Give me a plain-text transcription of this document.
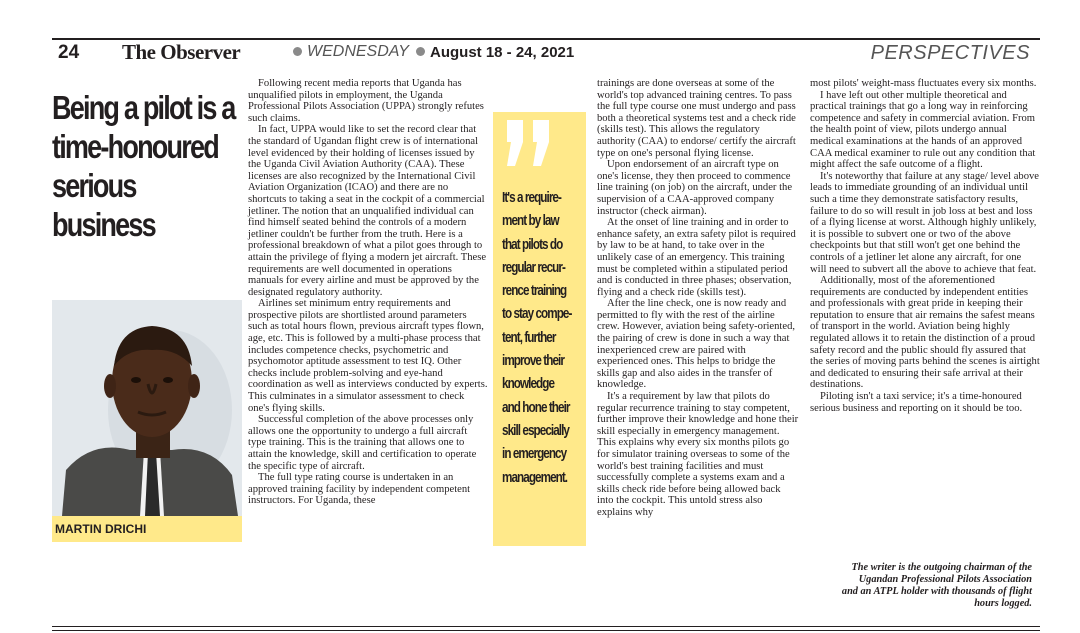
24 The Observer	WEDNESDAY August 18 - 24, 2021	PERSPECTIVES
Being a pilot is a
time-honoured
serious business
MARTIN DRICHI

Following recent media reports that Uganda has unqualified pilots in employment, the Uganda Professional Pilots Association (UPPA) strongly refutes such claims.

In fact, UPPA would like to set the record clear that the standard of Ugandan flight crew is of international level evidenced by their holding of licenses issued by the Uganda Civil Aviation Authority (CAA). These licenses are also recognized by the International Civil Aviation Organization (ICAO) and there are no shortcuts to taking a seat in the cockpit of a commercial jetliner. The notion that an unqualified individual can find himself seated behind the controls of a modern jetliner couldn't be further from the truth. Here is a professional breakdown of what a pilot goes through to attain the privilege of flying a modern jet aircraft. These requirements are well documented in operations manuals for every airline and must be approved by the designated regulatory authority.

Airlines set minimum entry requirements and prospective pilots are shortlisted around parameters such as total hours flown, previous aircraft types flown, age, etc. This is followed by a multi-phase process that includes competence checks, psychometric and psychomotor aptitude assessment to test IQ. Other checks include problem-solving and eye-hand coordination as well as interviews conducted by experts. This culminates in a simulator assessment to check one's flying skills.

Successful completion of the above processes only allows one the opportunity to undergo a full aircraft type training. This is the training that allows one to attain the knowledge, skill and certification to operate the specific type of aircraft.

The full type rating course is undertaken in an approved training facility by independent competent instructors. For Uganda, these

It's a require-
ment by law
that pilots do
regular recur-
rence training
to stay compe-
tent, further
improve their
knowledge
and hone their
skill especially
in emergency
management.

trainings are done overseas at some of the world's top advanced training centres. To pass the full type course one must undergo and pass both a theoretical systems test and a check ride (skills test). This allows the regulatory authority (CAA) to endorse/ certify the aircraft type on one's personal flying license.

Upon endorsement of an aircraft type on one's license, they then proceed to commence line training (on job) on the aircraft, under the supervision of a CAA-approved company instructor (check airman).

At the onset of line training and in order to enhance safety, an extra safety pilot is required by law to be at hand, to take over in the unlikely case of an emergency. This training must be completed within a stipulated period and is conducted in three phases; observation, flying and a check ride (skills test).

After the line check, one is now ready and permitted to fly with the rest of the airline crew. However, aviation being safety-oriented, the pairing of crew is done in such a way that inexperienced crew are paired with experienced ones. This helps to bridge the skills gap and also aides in the transfer of knowledge.

It's a requirement by law that pilots do regular recurrence training to stay competent, further improve their knowledge and hone their skill especially in emergency management. This explains why every six months pilots go for simulator training overseas to some of the world's best training facilities and must successfully complete a systems exam and a skills check ride before being allowed back into the cockpit. This untold stress also explains why

most pilots' weight-mass fluctuates every six months.

I have left out other multiple theoretical and practical trainings that go a long way in reinforcing competence and safety in commercial aviation. From the health point of view, pilots undergo annual medical examinations at the hands of an approved CAA medical examiner to rule out any condition that might affect the safe outcome of a flight.

It's noteworthy that failure at any stage/ level above leads to immediate grounding of an individual until such a time they demonstrate satisfactory results, failure to do so will result in job loss at best and loss of a flying license at worst. Although highly unlikely, it is possible to subvert one or two of the above checkpoints but that still won't get one behind the controls of a jetliner let alone any aircraft, for one will need to subvert all the above to achieve that feat.

Additionally, most of the aforementioned requirements are conducted by independent entities and professionals with great pride in keeping their reputation to ensure that air remains the safest means of transport in the world. Aviation being highly regulated allows it to retain the distinction of a proud safety record and the public should fly assured that the series of moving parts behind the scenes is airtight and dedicated to ensuring their safe arrival at their destinations.

Piloting isn't a taxi service; it's a time-honoured serious business and reporting on it should be too.

The writer is the outgoing chairman of the
Ugandan Professional Pilots Association
and an ATPL holder with thousands of flight
hours logged.
